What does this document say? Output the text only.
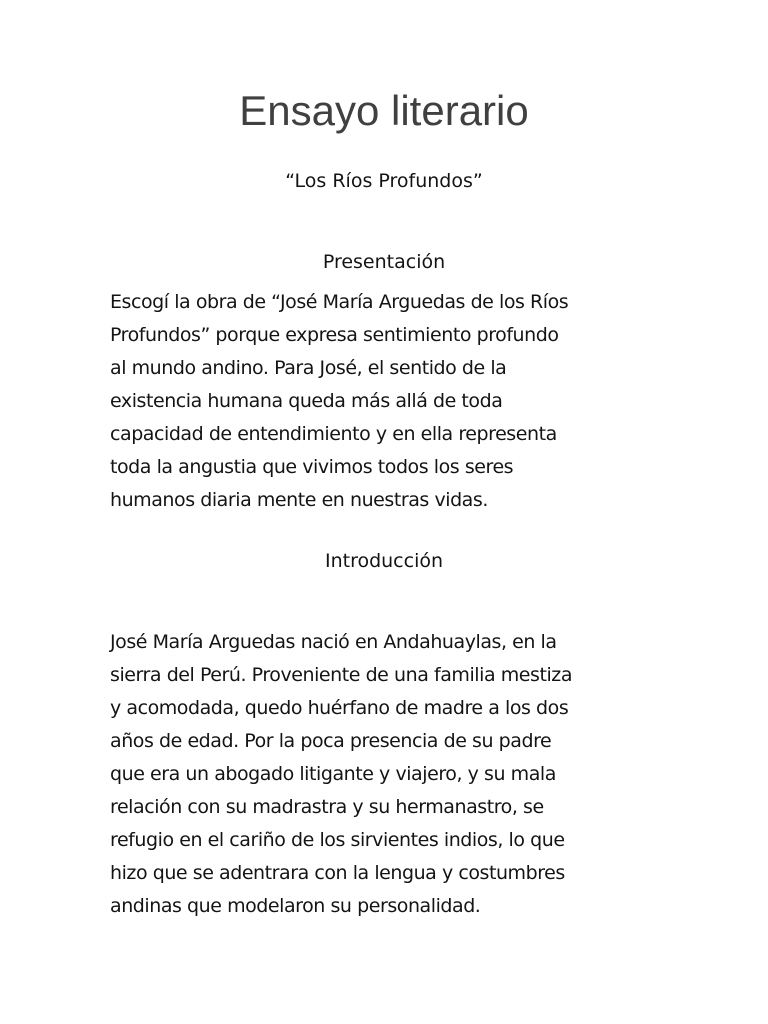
Ensayo literario
“Los Ríos Profundos”
Presentación
Escogí la obra de “José María Arguedas de los Ríos
Profundos” porque expresa sentimiento profundo
al mundo andino. Para José, el sentido de la
existencia humana queda más allá de toda
capacidad de entendimiento y en ella representa
toda la angustia que vivimos todos los seres
humanos diaria mente en nuestras vidas.
Introducción
José María Arguedas nació en Andahuaylas, en la
sierra del Perú. Proveniente de una familia mestiza
y acomodada, quedo huérfano de madre a los dos
años de edad. Por la poca presencia de su padre
que era un abogado litigante y viajero, y su mala
relación con su madrastra y su hermanastro, se
refugio en el cariño de los sirvientes indios, lo que
hizo que se adentrara con la lengua y costumbres
andinas que modelaron su personalidad.
